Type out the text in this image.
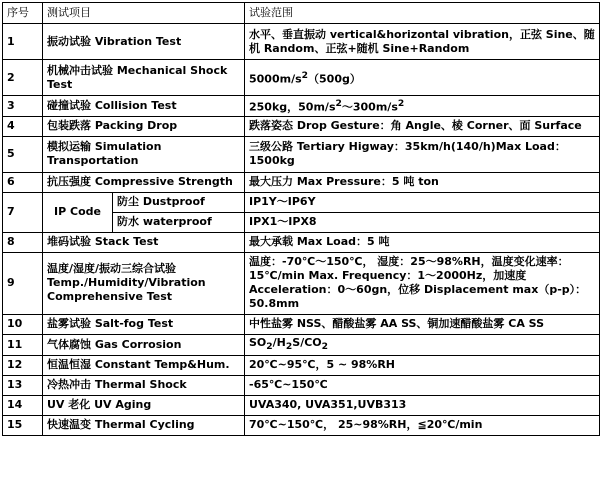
序号	测试项目		试验范围
1	振动试验 Vibration Test		水平、垂直振动 vertical&horizontal vibration，正弦 Sine、随机 Random、正弦+随机 Sine+Random
2	机械冲击试验 Mechanical Shock Test		$5000m/s^2(500g)$
3	碰撞试验 Collision Test		250kg，$50m/s^2\sim 300m/s^2$
4	包装跌落 Packing Drop		跌落姿态 Drop Gesture：角 Angle、棱 Corner、面 Surface
5	模拟运输 Simulation Transportation		三级公路 Tertiary Higway：35km/h(140/h)Max Load：1500kg
6	抗压强度 Compressive Strength		最大压力 Max Pressure：5 吨 ton
7	IP Code	防尘 Dustproof	IP1Y～IP6Y
		防水 waterproof	IPX1～IPX8
8	堆码试验 Stack Test		最大承载 Max Load：5 吨
9	温度/湿度/振动三综合试验 Temp./Humidity/Vibration Comprehensive Test		温度：-70℃～150℃， 湿度：25～98%RH，温度变化速率：15℃/min Max. Frequency：1～2000Hz，加速度 Acceleration：0～60gn，位移 Displacement max（p-p）：50.8mm
10	盐雾试验 Salt-fog Test		中性盐雾 NSS、醋酸盐雾 AA SS、铜加速醋酸盐雾 CA SS
11	气体腐蚀 Gas Corrosion		$SO_2/H_2S/CO_2$
12	恒温恒湿 Constant Temp&Hum.		20℃~95℃，5 ~ 98%RH
13	冷热冲击 Thermal Shock		-65℃~150℃
14	UV 老化 UV Aging		UVA340, UVA351,UVB313
15	快速温变 Thermal Cycling		70℃~150℃， 25~98%RH，≦20℃/min
